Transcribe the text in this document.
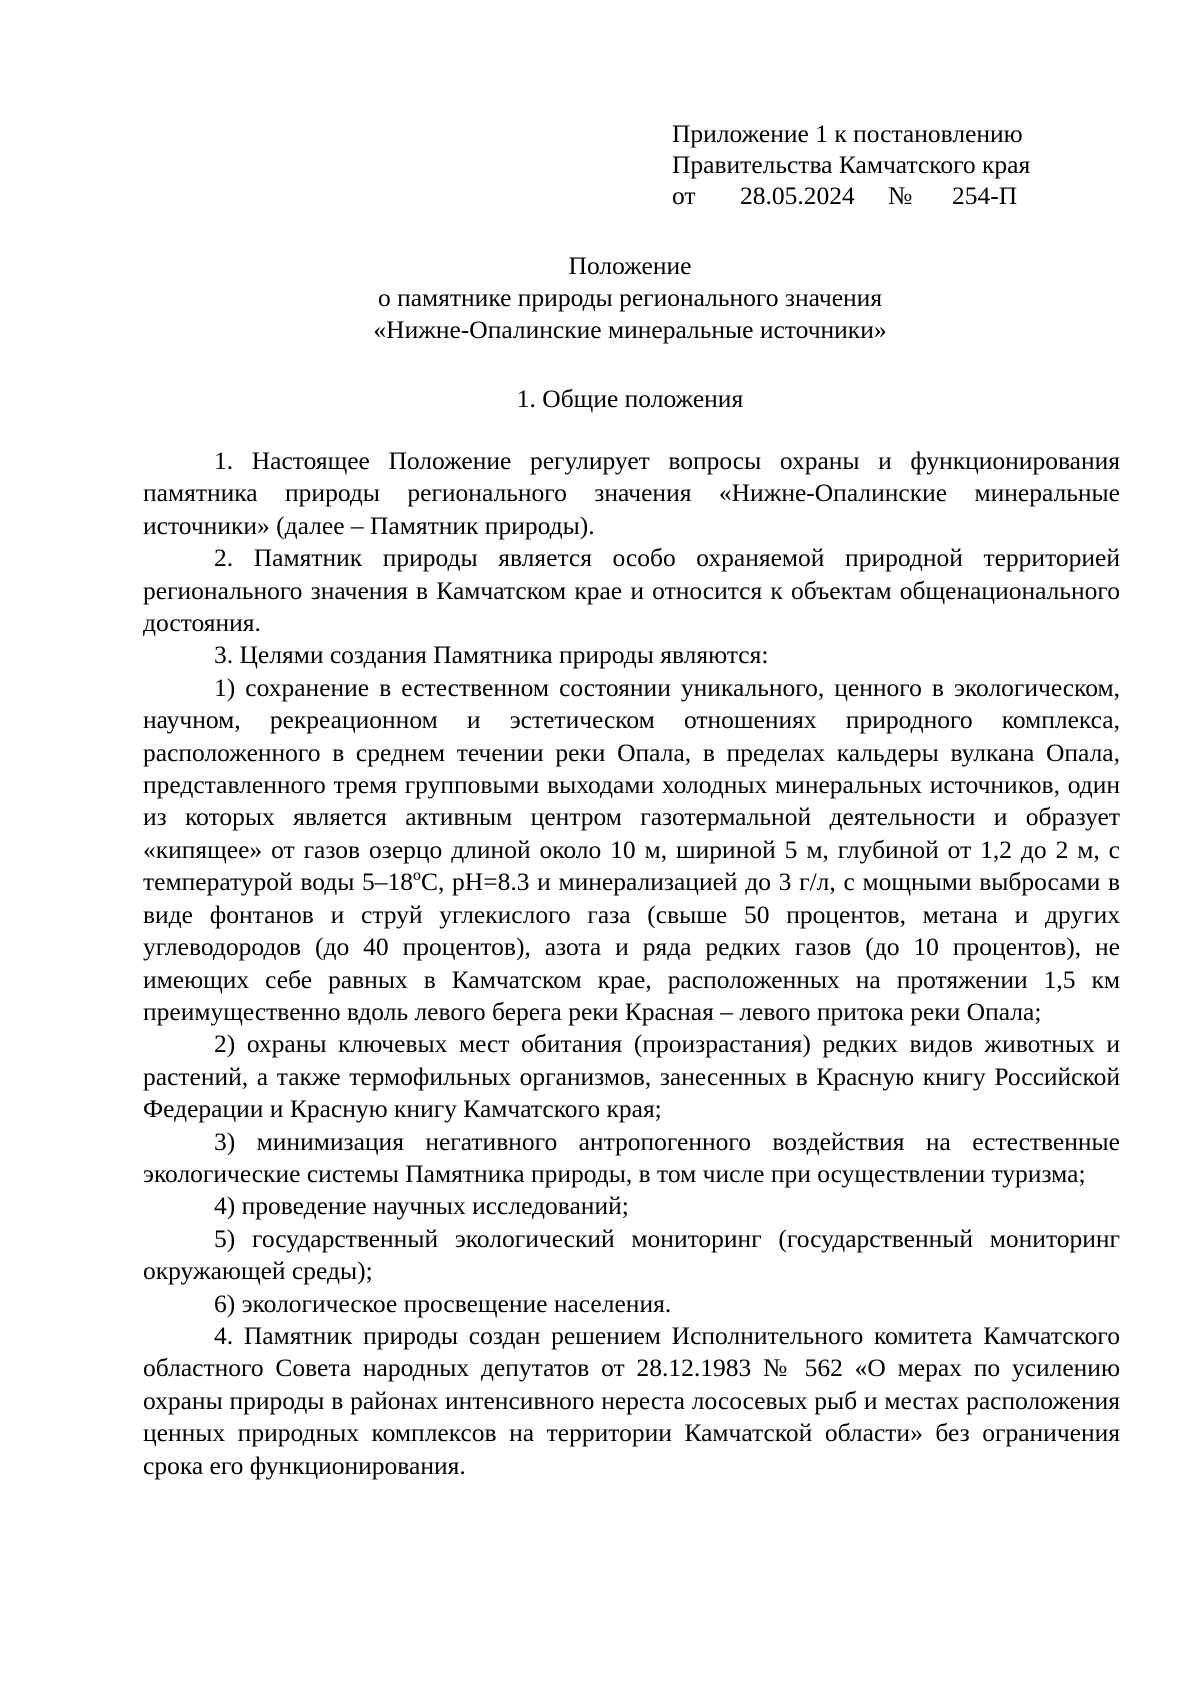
Приложение 1 к постановлению
Правительства Камчатского края
от 28.05.2024 № 254-П
Положение
о памятнике природы регионального значения
«Нижне-Опалинские минеральные источники»
1. Общие положения

1. Настоящее Положение регулирует вопросы охраны и функционирования памятника природы регионального значения «Нижне-Опалинские минеральные источники» (далее – Памятник природы).

2. Памятник природы является особо охраняемой природной территорией регионального значения в Камчатском крае и относится к объектам общенационального достояния.

3. Целями создания Памятника природы являются:

1) сохранение в естественном состоянии уникального, ценного в экологическом, научном, рекреационном и эстетическом отношениях природного комплекса, расположенного в среднем течении реки Опала, в пределах кальдеры вулкана Опала, представленного тремя групповыми выходами холодных минеральных источников, один из которых является активным центром газотермальной деятельности и образует «кипящее» от газов озерцо длиной около 10 м, шириной 5 м, глубиной от 1,2 до 2 м, с температурой воды 5–18ºС, pH=8.3 и минерализацией до 3 г/л, с мощными выбросами в виде фонтанов и струй углекислого газа (свыше 50 процентов, метана и других углеводородов (до 40 процентов), азота и ряда редких газов (до 10 процентов), не имеющих себе равных в Камчатском крае, расположенных на протяжении 1,5 км преимущественно вдоль левого берега реки Красная – левого притока реки Опала;

2) охраны ключевых мест обитания (произрастания) редких видов животных и растений, а также термофильных организмов, занесенных в Красную книгу Российской Федерации и Красную книгу Камчатского края;

3) минимизация негативного антропогенного воздействия на естественные экологические системы Памятника природы, в том числе при осуществлении туризма;

4) проведение научных исследований;

5) государственный экологический мониторинг (государственный мониторинг окружающей среды);

6) экологическое просвещение населения.

4. Памятник природы создан решением Исполнительного комитета Камчатского областного Совета народных депутатов от 28.12.1983 № 562 «О мерах по усилению охраны природы в районах интенсивного нереста лососевых рыб и местах расположения ценных природных комплексов на территории Камчатской области» без ограничения срока его функционирования.
